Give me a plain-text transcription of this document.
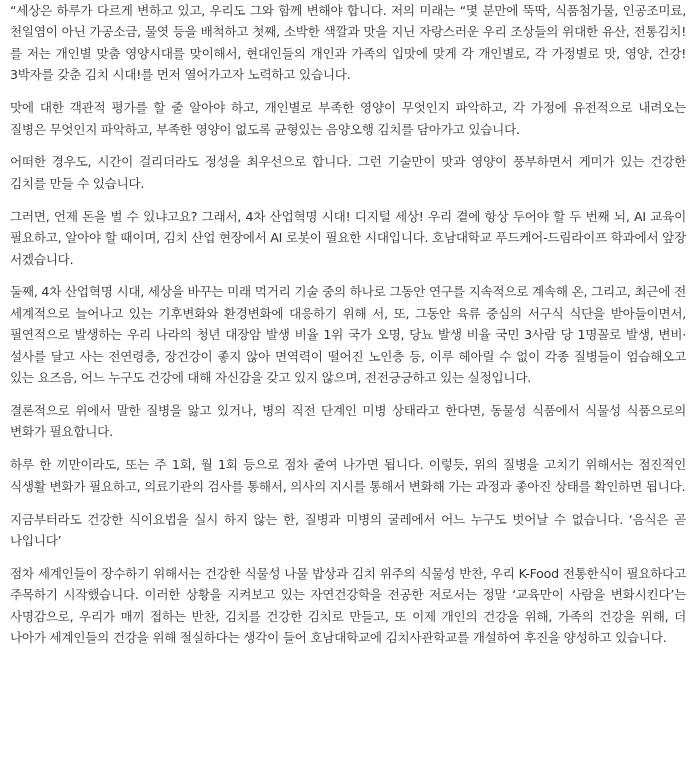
“세상은 하루가 다르게 변하고 있고, 우리도 그와 함께 변해야 합니다. 저의 미래는 “몇 분만에 뚝딱, 식품첨가물, 인공조미료, 천일염이 아닌 가공소금, 물엿 등을 배척하고 첫째, 소박한 색깔과 맛을 지닌 자랑스러운 우리 조상들의 위대한 유산, 전통김치!를 저는 개인별 맞춤 영양시대를 맞이해서, 현대인들의 개인과 가족의 입맛에 맞게 각 개인별로, 각 가정별로 맛, 영양, 건강! 3박자를 갖춘 김치 시대!를 먼저 열어가고자 노력하고 있습니다.

맛에 대한 객관적 평가를 할 줄 알아야 하고, 개인별로 부족한 영양이 무엇인지 파악하고, 각 가정에 유전적으로 내려오는 질병은 무엇인지 파악하고, 부족한 영양이 없도록 균형있는 음양오행 김치를 담아가고 있습니다.

어떠한 경우도, 시간이 걸리더라도 정성을 최우선으로 합니다. 그런 기술만이 맛과 영양이 풍부하면서 게미가 있는 건강한 김치를 만들 수 있습니다.

그러면, 언제 돈을 벌 수 있냐고요? 그래서, 4차 산업혁명 시대! 디지털 세상! 우리 곁에 항상 두어야 할 두 번째 뇌, AI 교육이 필요하고, 알아야 할 때이며, 김치 산업 현장에서 AI 로봇이 필요한 시대입니다. 호남대학교 푸드케어-드림라이프 학과에서 앞장 서겠습니다.

둘째, 4차 산업혁명 시대, 세상을 바꾸는 미래 먹거리 기술 중의 하나로 그동안 연구를 지속적으로 계속해 온, 그리고, 최근에 전 세계적으로 늘어나고 있는 기후변화와 환경변화에 대응하기 위해 서, 또, 그동안 육류 중심의 서구식 식단을 받아들이면서, 필연적으로 발생하는 우리 나라의 청년 대장암 발생 비율 1위 국가 오명, 당뇨 발생 비율 국민 3사람 당 1명꼴로 발생, 변비·설사를 달고 사는 전연령층, 장건강이 좋지 않아 면역력이 떨어진 노인층 등, 이루 헤아릴 수 없이 각종 질병들이 엄습해오고 있는 요즈음, 어느 누구도 건강에 대해 자신감을 갖고 있지 않으며, 전전긍긍하고 있는 실정입니다.

결론적으로 위에서 말한 질병을 앓고 있거나, 병의 직전 단계인 미병 상태라고 한다면, 동물성 식품에서 식물성 식품으로의 변화가 필요합니다.

하루 한 끼만이라도, 또는 주 1회, 월 1회 등으로 점차 줄여 나가면 됩니다. 이렇듯, 위의 질병을 고치기 위해서는 점진적인 식생활 변화가 필요하고, 의료기관의 검사를 통해서, 의사의 지시를 통해서 변화해 가는 과정과 좋아진 상태를 확인하면 됩니다.

지금부터라도 건강한 식이요법을 실시 하지 않는 한, 질병과 미병의 굴레에서 어느 누구도 벗어날 수 없습니다. ‘음식은 곧 나입니다’

점차 세계인들이 장수하기 위해서는 건강한 식물성 나물 밥상과 김치 위주의 식물성 반찬, 우리 K-Food 전통한식이 필요하다고 주목하기 시작했습니다. 이러한 상황을 지켜보고 있는 자연건강학을 전공한 저로서는 정말 ‘교육만이 사람을 변화시킨다’는 사명감으로, 우리가 매끼 접하는 반찬, 김치를 건강한 김치로 만들고, 또 이제 개인의 건강을 위해, 가족의 건강을 위해, 더 나아가 세계인들의 건강을 위해 절실하다는 생각이 들어 호남대학교에 김치사관학교를 개설하여 후진을 양성하고 있습니다.
